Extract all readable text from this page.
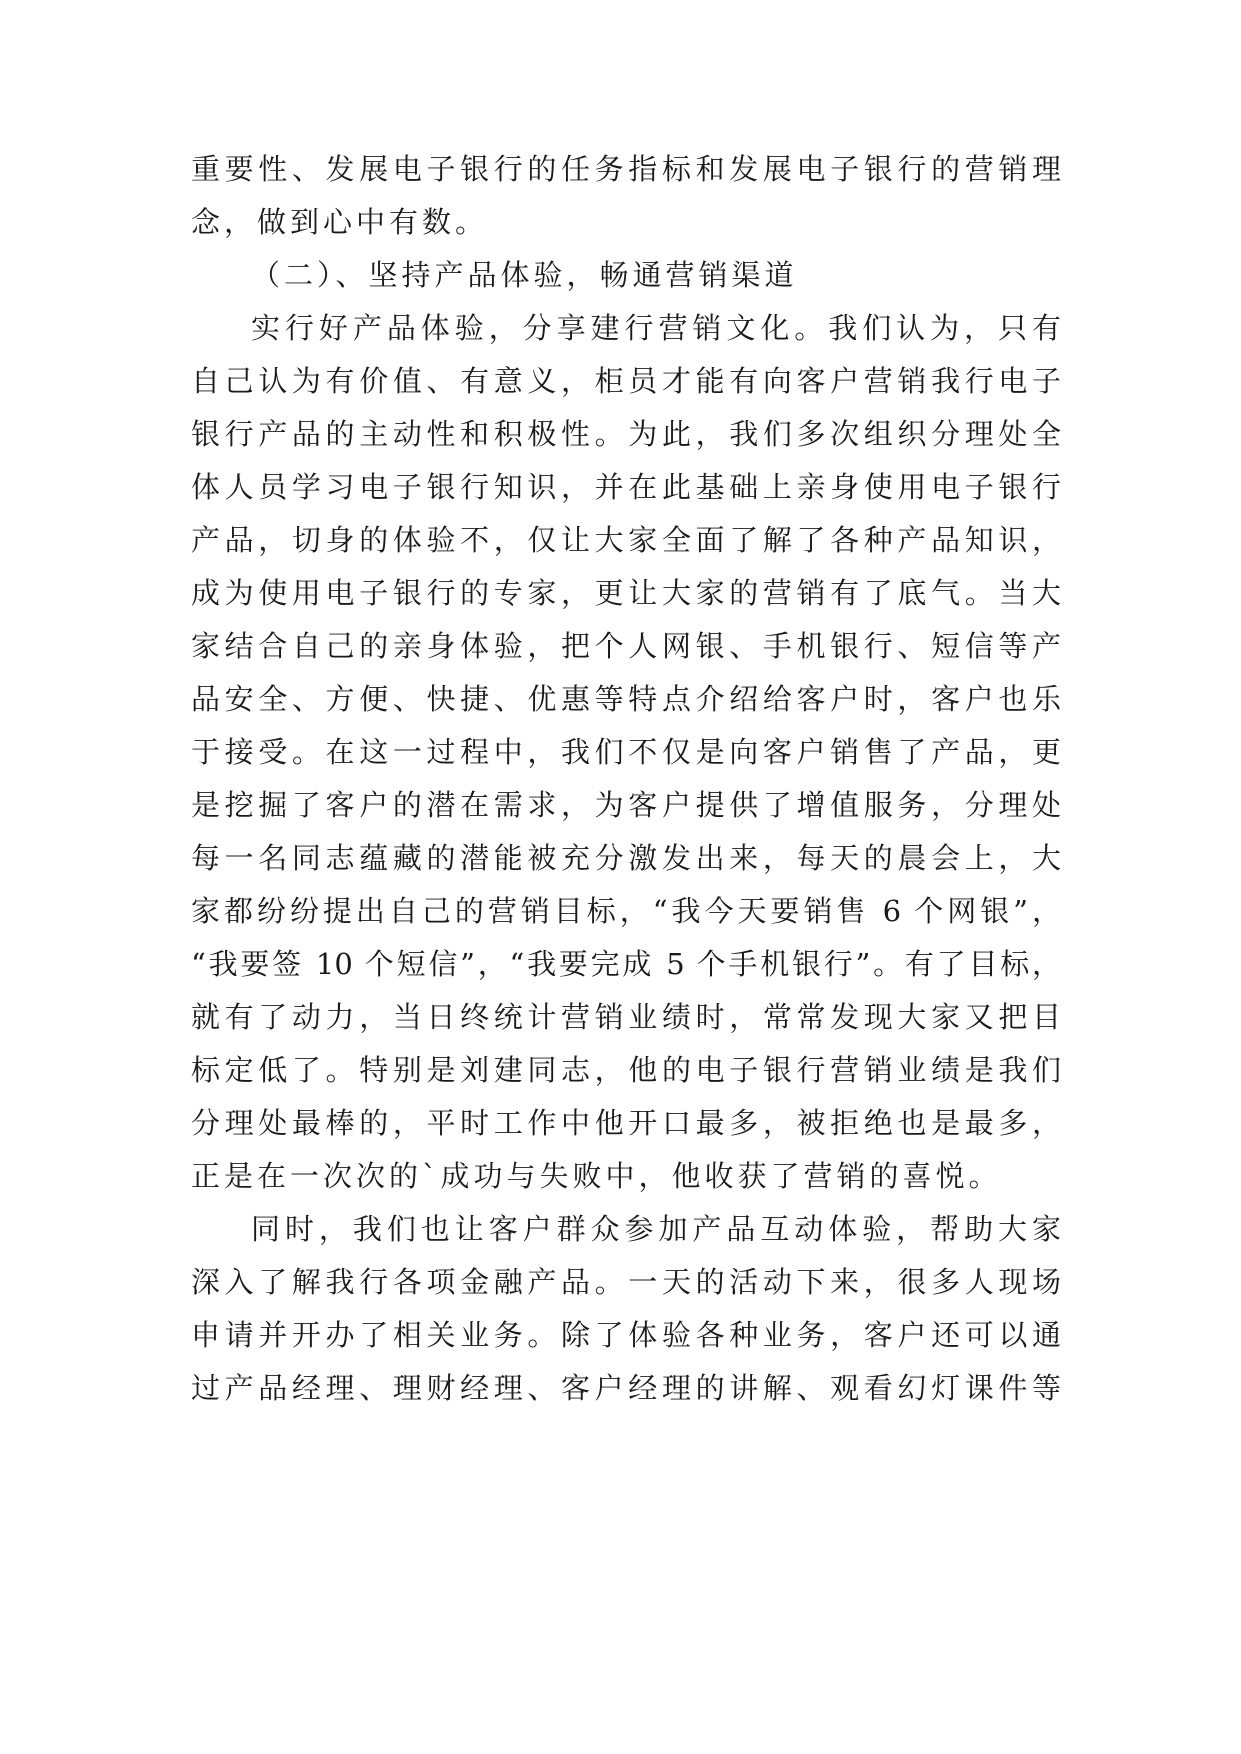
重要性、发展电子银行的任务指标和发展电子银行的营销理
念，做到心中有数。
（二）、坚持产品体验，畅通营销渠道
实行好产品体验，分享建行营销文化。我们认为，只有
自己认为有价值、有意义，柜员才能有向客户营销我行电子
银行产品的主动性和积极性。为此，我们多次组织分理处全
体人员学习电子银行知识，并在此基础上亲身使用电子银行
产品，切身的体验不，仅让大家全面了解了各种产品知识，
成为使用电子银行的专家，更让大家的营销有了底气。当大
家结合自己的亲身体验，把个人网银、手机银行、短信等产
品安全、方便、快捷、优惠等特点介绍给客户时，客户也乐
于接受。在这一过程中，我们不仅是向客户销售了产品，更
是挖掘了客户的潜在需求，为客户提供了增值服务，分理处
每一名同志蕴藏的潜能被充分激发出来，每天的晨会上，大
家都纷纷提出自己的营销目标，“我今天要销售 6 个网银”，
“我要签 10 个短信”，“我要完成 5 个手机银行”。有了目标，
就有了动力，当日终统计营销业绩时，常常发现大家又把目
标定低了。特别是刘建同志，他的电子银行营销业绩是我们
分理处最棒的，平时工作中他开口最多，被拒绝也是最多，
正是在一次次的`成功与失败中，他收获了营销的喜悦。
同时，我们也让客户群众参加产品互动体验，帮助大家
深入了解我行各项金融产品。一天的活动下来，很多人现场
申请并开办了相关业务。除了体验各种业务，客户还可以通
过产品经理、理财经理、客户经理的讲解、观看幻灯课件等
